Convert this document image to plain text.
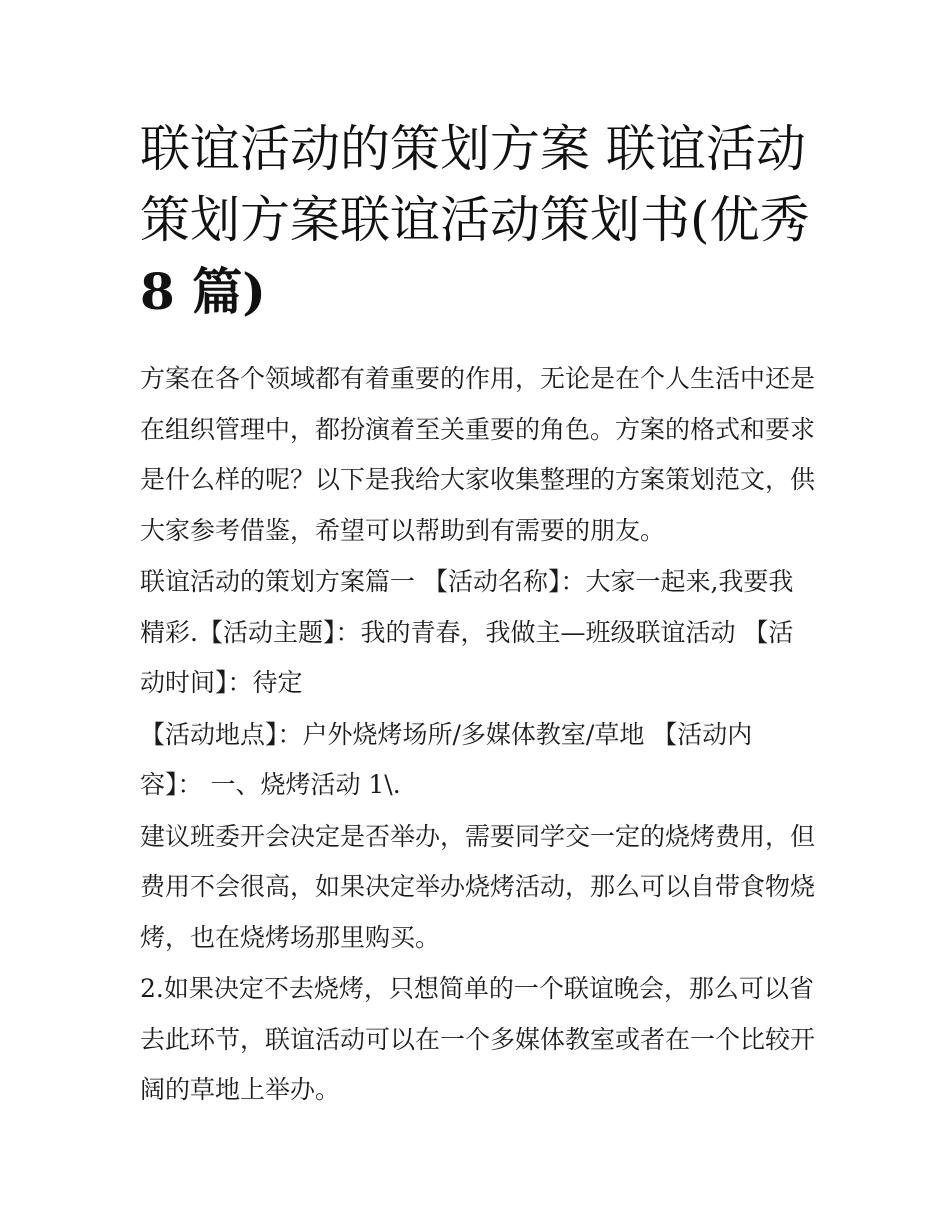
联谊活动的策划方案 联谊活动
策划方案联谊活动策划书(优秀
8 篇)

方案在各个领域都有着重要的作用，无论是在个人生活中还是
在组织管理中，都扮演着至关重要的角色。方案的格式和要求
是什么样的呢？以下是我给大家收集整理的方案策划范文，供
大家参考借鉴，希望可以帮助到有需要的朋友。

联谊活动的策划方案篇一 【活动名称】：大家一起来,我要我
精彩.【活动主题】：我的青春，我做主—班级联谊活动 【活
动时间】：待定

【活动地点】：户外烧烤场所/多媒体教室/草地 【活动内
容】： 一、烧烤活动 1\.

建议班委开会决定是否举办，需要同学交一定的烧烤费用，但
费用不会很高，如果决定举办烧烤活动，那么可以自带食物烧
烤，也在烧烤场那里购买。

2.如果决定不去烧烤，只想简单的一个联谊晚会，那么可以省
去此环节，联谊活动可以在一个多媒体教室或者在一个比较开
阔的草地上举办。
